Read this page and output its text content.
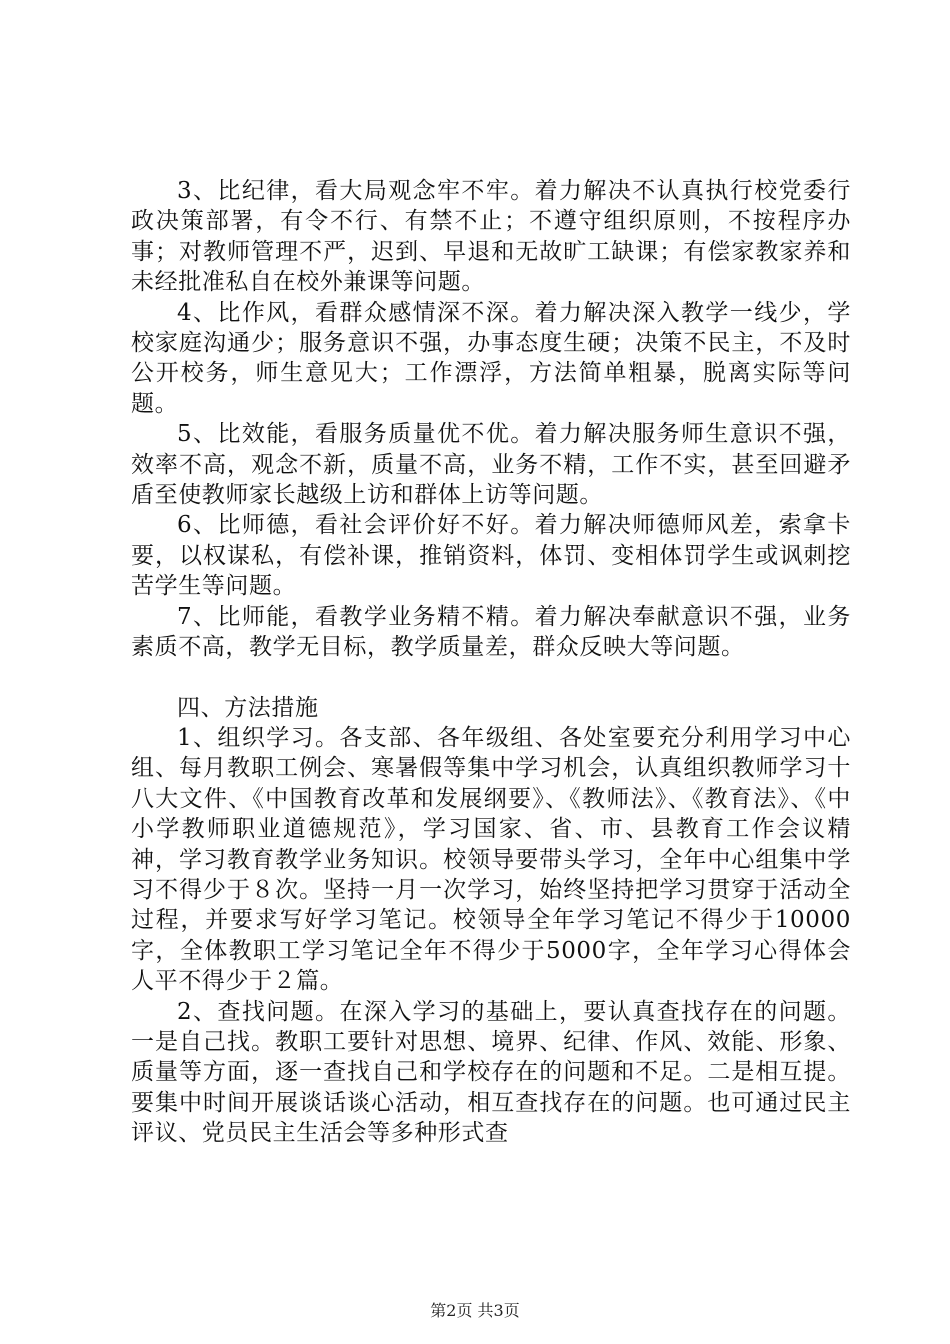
3、比纪律，看大局观念牢不牢。着力解决不认真执行校党委行政决策部署，有令不行、有禁不止；不遵守组织原则，不按程序办事；对教师管理不严，迟到、早退和无故旷工缺课；有偿家教家养和未经批准私自在校外兼课等问题。

4、比作风，看群众感情深不深。着力解决深入教学一线少，学校家庭沟通少；服务意识不强，办事态度生硬；决策不民主，不及时公开校务，师生意见大；工作漂浮，方法简单粗暴，脱离实际等问题。

5、比效能，看服务质量优不优。着力解决服务师生意识不强，效率不高，观念不新，质量不高，业务不精，工作不实，甚至回避矛盾至使教师家长越级上访和群体上访等问题。

6、比师德，看社会评价好不好。着力解决师德师风差，索拿卡要，以权谋私，有偿补课，推销资料，体罚、变相体罚学生或讽刺挖苦学生等问题。

7、比师能，看教学业务精不精。着力解决奉献意识不强，业务素质不高，教学无目标，教学质量差，群众反映大等问题。

四、方法措施

1、组织学习。各支部、各年级组、各处室要充分利用学习中心组、每月教职工例会、寒暑假等集中学习机会，认真组织教师学习十八大文件、《中国教育改革和发展纲要》、《教师法》、《教育法》、《中小学教师职业道德规范》，学习国家、省、市、县教育工作会议精神，学习教育教学业务知识。校领导要带头学习，全年中心组集中学习不得少于８次。坚持一月一次学习，始终坚持把学习贯穿于活动全过程，并要求写好学习笔记。校领导全年学习笔记不得少于10000字，全体教职工学习笔记全年不得少于5000字，全年学习心得体会人平不得少于２篇。

2、查找问题。在深入学习的基础上，要认真查找存在的问题。一是自己找。教职工要针对思想、境界、纪律、作风、效能、形象、质量等方面，逐一查找自己和学校存在的问题和不足。二是相互提。要集中时间开展谈话谈心活动，相互查找存在的问题。也可通过民主评议、党员民主生活会等多种形式查

第2页 共3页
